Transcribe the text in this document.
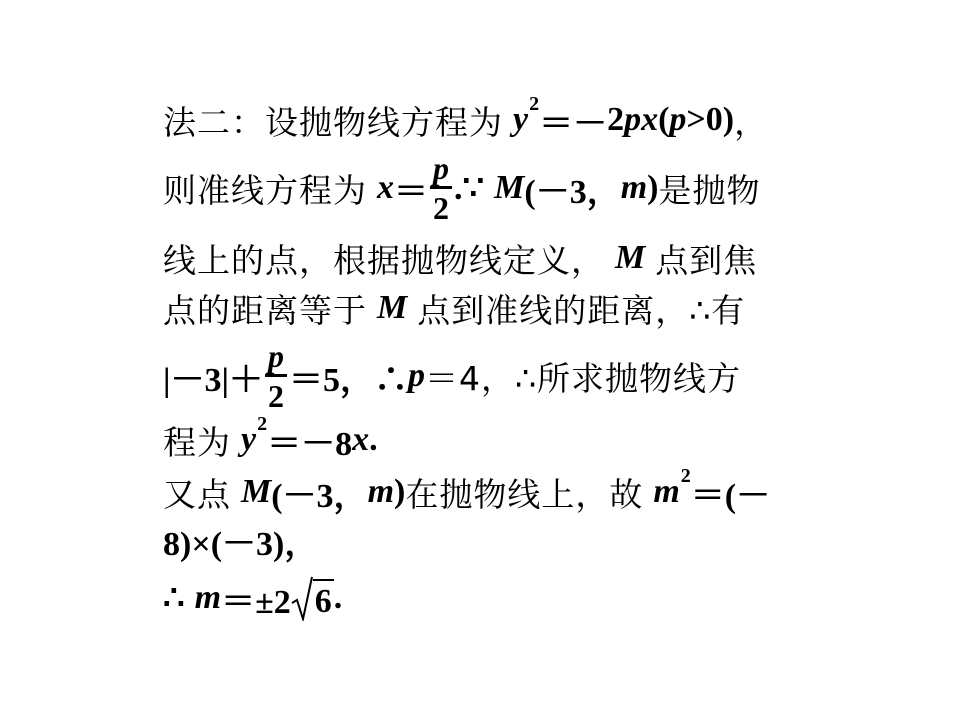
法二：设抛物线方程为 $y^2$
＝－ 2 px ( p >0) ，
则准线方程为 $x = \frac{p}{2}$ .∵ M (－3， m ) 是抛物
线上的点，根据抛物线定义， M 点到焦
点的距离等于 M 点到准线的距离，∴有
$|-3|+ \frac{p}{2} =5$，∴ p ＝4，∴所求抛物线方
程为 $y^2$
＝－8 x .
又点 M (－3， m ) 在抛物线上，故 $m^2$
＝(－
8)×(－3)，
∴ m ＝±2 6 .
